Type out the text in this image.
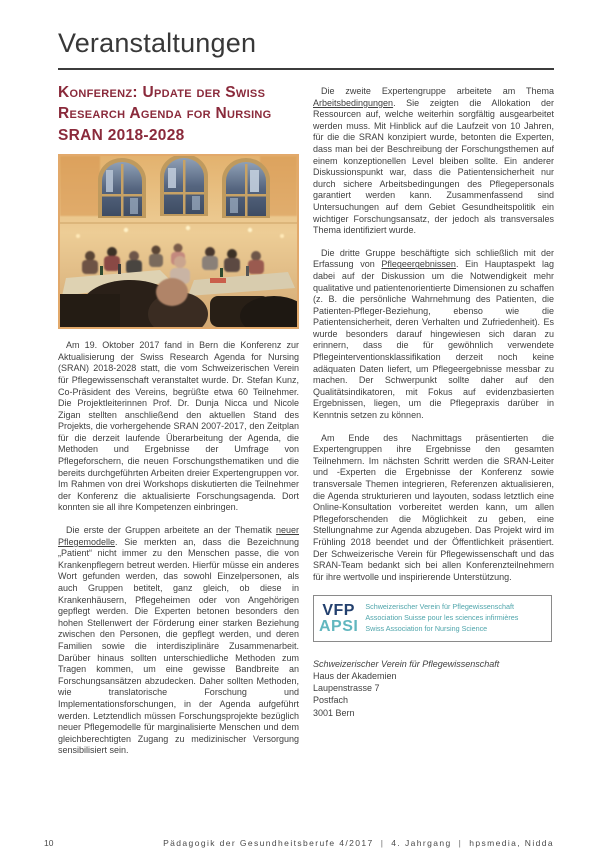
Veranstaltungen
Konferenz: Update der Swiss Research Agenda for Nursing SRAN 2018-2028

Am 19. Oktober 2017 fand in Bern die Konferenz zur Aktualisierung der Swiss Research Agenda for Nursing (SRAN) 2018-2028 statt, die vom Schweizerischen Verein für Pflegewissenschaft veranstaltet wurde. Dr. Stefan Kunz, Co-Präsident des Vereins, begrüßte etwa 60 Teilnehmer. Die Projektleiterinnen Prof. Dr. Dunja Nicca und Nicole Zigan stellten anschließend den aktuellen Stand des Projekts, die vorhergehende SRAN 2007-2017, den Zeitplan für die derzeit laufende Überarbeitung der Agenda, die Methoden und Ergebnisse der Umfrage von Pflegeforschern, die neuen Forschungsthematiken und die bereits durchgeführten Arbeiten dreier Expertengruppen vor. Im Rahmen von drei Workshops diskutierten die Teilnehmer der Konferenz die aktualisierte Forschungsagenda. Dort konnten sie all ihre Kompetenzen einbringen.

Die erste der Gruppen arbeitete an der Thematik neuer Pflegemodelle. Sie merkten an, dass die Bezeichnung „Patient“ nicht immer zu den Menschen passe, die von Krankenpflegern betreut werden. Hierfür müsse ein anderes Wort gefunden werden, das sowohl Einzelpersonen, als auch Gruppen betitelt, ganz gleich, ob diese in Krankenhäusern, Pflegeheimen oder von Angehörigen gepflegt werden. Die Experten betonen besonders den hohen Stellenwert der Förderung einer starken Beziehung zwischen den Personen, die gepflegt werden, und deren Familien sowie die interdisziplinäre Zusammenarbeit. Darüber hinaus sollten unterschiedliche Methoden zum Tragen kommen, um eine gewisse Bandbreite an Forschungsansätzen abzudecken. Daher sollten Methoden, wie translatorische Forschung und Implementationsforschungen, in der Agenda aufgeführt werden. Letztendlich müssen Forschungsprojekte bezüglich neuer Pflegemodelle für marginalisierte Menschen und dem gleichberechtigten Zugang zu medizinischer Versorgung sensibilisiert sein.

Die zweite Expertengruppe arbeitete am Thema Arbeitsbedingungen. Sie zeigten die Allokation der Ressourcen auf, welche weiterhin sorgfältig ausgearbeitet werden muss. Mit Hinblick auf die Laufzeit von 10 Jahren, für die die SRAN konzipiert wurde, betonten die Experten, dass man bei der Beschreibung der Forschungsthemen auf einem konzeptionellen Level bleiben sollte. Ein anderer Diskussionspunkt war, dass die Patientensicherheit nur durch sichere Arbeitsbedingungen des Pflegepersonals garantiert werden kann. Zusammenfassend sind Untersuchungen auf dem Gebiet Gesundheitspolitik ein wichtiger Forschungsansatz, der jedoch als transversales Thema identifiziert wurde.

Die dritte Gruppe beschäftigte sich schließlich mit der Erfassung von Pflegeergebnissen. Ein Hauptaspekt lag dabei auf der Diskussion um die Notwendigkeit mehr qualitative und patientenorientierte Dimensionen zu schaffen (z. B. die persönliche Wahrnehmung des Patienten, die Patienten-Pfleger-Beziehung, ebenso wie die Patientensicherheit, deren Verhalten und Zufriedenheit). Es wurde besonders darauf hingewiesen sich daran zu erinnern, dass die für gewöhnlich verwendete Pflegeinterventionsklassifikation derzeit noch keine adäquaten Daten liefert, um Pflegeergebnisse messbar zu machen. Der Schwerpunkt sollte daher auf den Qualitätsindikatoren, mit Fokus auf evidenzbasierten Ergebnissen, liegen, um die Pflegepraxis darüber in Kenntnis setzen zu können.

Am Ende des Nachmittags präsentierten die Expertengruppen ihre Ergebnisse den gesamten Teilnehmern. Im nächsten Schritt werden die SRAN-Leiter und -Experten die Ergebnisse der Konferenz sowie transversale Themen integrieren, Referenzen aktualisieren, die Agenda strukturieren und layouten, sodass letztlich eine Online-Konsultation vorbereitet werden kann, um allen Pflegeforschenden die Möglichkeit zu geben, eine Stellungnahme zur Agenda abzugeben. Das Projekt wird im Frühling 2018 beendet und der Öffentlichkeit präsentiert. Der Schweizerische Verein für Pflegewissenschaft und das SRAN-Team bedankt sich bei allen Konferenzteilnehmern für ihre wertvolle und inspirierende Unterstützung.

VFP
APSI
Schweizerischer Verein für Pflegewissenschaft
Association Suisse pour les sciences infirmières
Swiss Association for Nursing Science
Schweizerischer Verein für Pflegewissenschaft
Haus der Akademien
Laupenstrasse 7
Postfach
3001 Bern
10	Pädagogik der Gesundheitsberufe 4/2017 | 4. Jahrgang | hpsmedia, Nidda
